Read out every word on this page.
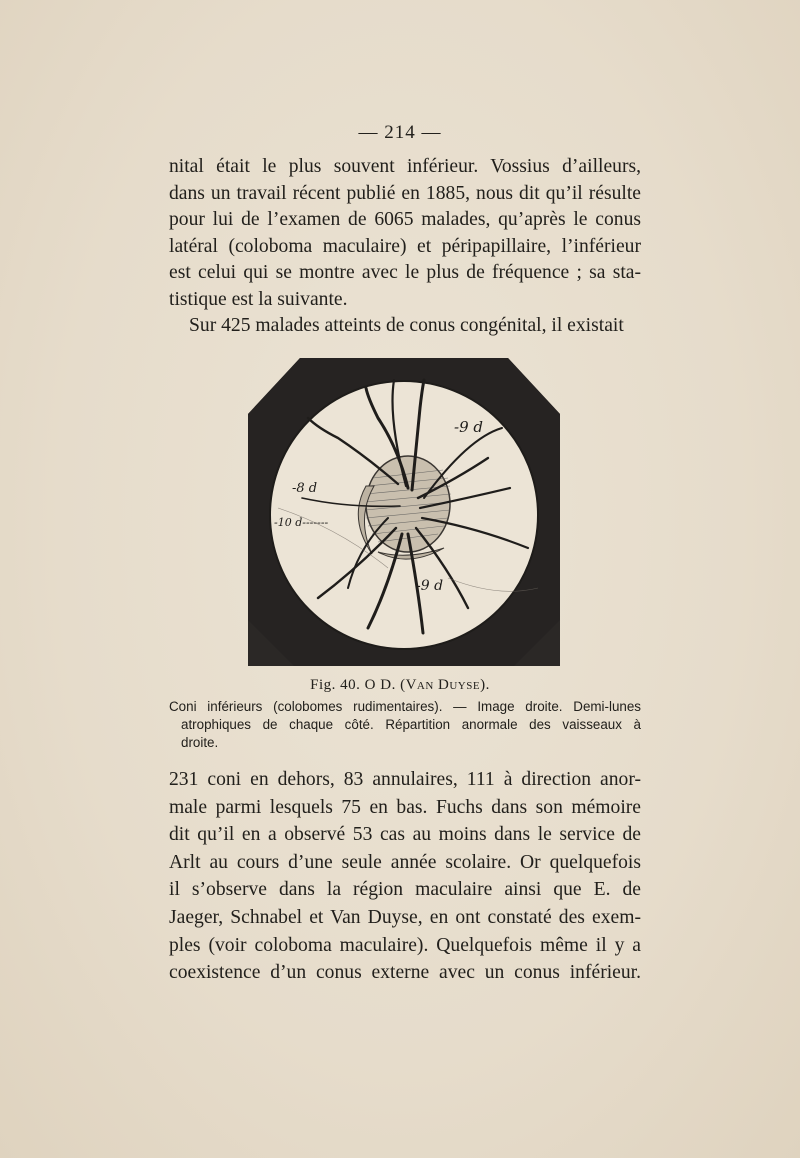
— 214 —
nital était le plus souvent inférieur. Vossius d’ailleurs,
dans un travail récent publié en 1885, nous dit qu’il résulte
pour lui de l’examen de 6065 malades, qu’après le conus
latéral (coloboma maculaire) et péripapillaire, l’inférieur
est celui qui se montre avec le plus de fréquence ; sa sta-
tistique est la suivante.
Sur 425 malades atteints de conus congénital, il existait
-9 d
-8 d
-10 d-------
-9 d
Fig. 40. O D. (Van Duyse).
Coni inférieurs (colobomes rudimentaires). — Image droite. Demi-lunes
atrophiques de chaque côté. Répartition anormale des vaisseaux à
droite.
231 coni en dehors, 83 annulaires, 111 à direction anor-
male parmi lesquels 75 en bas. Fuchs dans son mémoire
dit qu’il en a observé 53 cas au moins dans le service de
Arlt au cours d’une seule année scolaire. Or quelquefois
il s’observe dans la région maculaire ainsi que E. de
Jaeger, Schnabel et Van Duyse, en ont constaté des exem-
ples (voir coloboma maculaire). Quelquefois même il y a
coexistence d’un conus externe avec un conus inférieur.
